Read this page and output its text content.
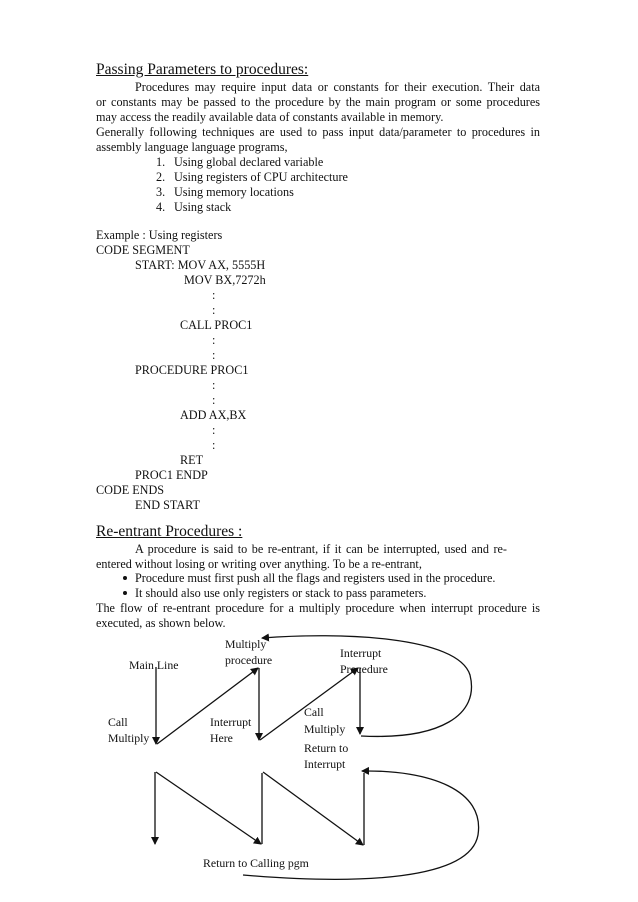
Passing Parameters to procedures:
Procedures may require input data or constants for their execution. Their data
or constants may be passed to the procedure by the main program or some procedures
may access the readily available data of constants available in memory.
Generally following techniques are used to pass input data/parameter to procedures in
assembly language language programs,
1. Using global declared variable
2. Using registers of CPU architecture
3. Using memory locations
4. Using stack
Example : Using registers
CODE SEGMENT
START: MOV AX, 5555H
MOV BX,7272h
:
:
CALL PROC1
:
:
PROCEDURE PROC1
:
:
ADD AX,BX
:
:
RET
PROC1 ENDP
CODE ENDS
END START
Re-entrant Procedures :
A procedure is said to be re-entrant, if it can be interrupted, used and re-
entered without losing or writing over anything. To be a re-entrant,
Procedure must first push all the flags and registers used in the procedure.
It should also use only registers or stack to pass parameters.
The flow of re-entrant procedure for a multiply procedure when interrupt procedure is
executed, as shown below.
Main Line
Multiply
procedure	Interrupt
Procedure
Call
Multiply
Interrupt
Here
Call
Multiply
Return to
Interrupt
Return to Calling pgm
